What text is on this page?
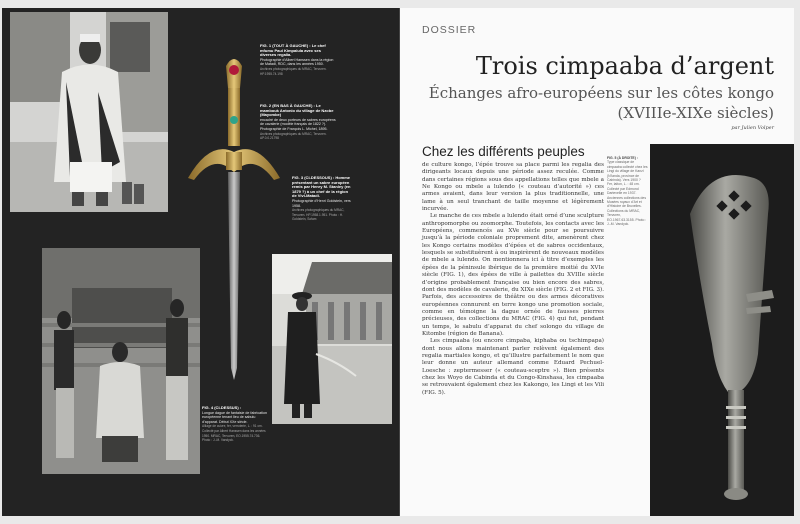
FIG. 1 (TOUT À GAUCHE) : Le chef mfumu Paul Kimpalula avec ses diverses regalia.
Photographie d’Albert Hanssen dans la région de Matadi, RDC, dans les années 1950.
Archives photographiques du MRAC, Tervuren. HP.1955.74.198
FIG. 2 (EN BAS À GAUCHE) : Le mambouk Antonio du village de Nzobe (Mayombe)
encadré de deux porteurs de sabres européens de cavalerie (modèle français de 1822 ?). Photographie de François L. Michel, 1895.
Archives photographiques du MRAC, Tervuren. AP.0.0.21798
FIG. 3 (CI-DESSOUS) : Homme présentant un sabre européen remis par Henry M. Stanley (en 1879 ?) à un chef de la région de Vivi-Matadi.
Photographie d’Henri Goldstein, vers 1958.
Archives photographiques du MRAC, Tervuren. HP.1958.1.951. Photo : H. Goldstein, Sofam
FIG. 4 (CI-DESSUS) :
Longue dague de fantaisie de fabrication européenne tenant lieu de sabulu d’apparat. Début XXe siècle.
Alliage de cuivre, fer, verroterie, L. : 91 cm. Collecté par Albert Hanssen dans les années 1950. MRAC, Tervuren, EO.1955.74.736. Photo : J.-M. Vandyck.
DOSSIER
Trois cimpaaba d’argent
Échanges afro-européens sur les côtes kongo
(XVIIIe-XIXe siècles)
par Julien Volper
Chez les différents peuples

de culture kongo, l’épée trouve sa place parmi les regalia des dirigeants locaux depuis une période assez reculée. Comme dans certaines régions sous des appellations telles que mbele a Ne Kongo ou mbele a lulendo (« couteau d’autorité ») ces armes avaient, dans leur version la plus traditionnelle, une lame à un seul tranchant de taille moyenne et légèrement incurvée.

Le manche de ces mbele a lulendo était orné d’une sculpture anthropomorphe ou zoomorphe. Toutefois, les contacts avec les Européens, commencés au XVe siècle pour se poursuivre jusqu’à la période coloniale proprement dite, amenèrent chez les Kongo certains modèles d’épées et de sabres occidentaux, lesquels se substituèrent à ou inspirèrent de nouveaux modèles de mbele a lulendo. On mentionnera ici à titre d’exemples les épées de la péninsule ibérique de la première moitié du XVIe siècle (FIG. 1), des épées de ville à pailettes du XVIIIe siècle d’origine probablement française ou bien encore des sabres, dont des modèles de cavalerie, du XIXe siècle (FIG. 2 et FIG. 3). Parfois, des accessoires de théâtre ou des armes décoratives européennes connurent en terre kongo une promotion sociale, comme en témoigne la dague ornée de fausses pierres précieuses, des collections du MRAC (FIG. 4) qui fut, pendant un temps, le sabulu d’apparat du chef solongo du village de Kitombe (région de Banana).

Les cimpaaba (ou encore cimpaba, kiphaba ou tschimpapa) dont nous allons maintenant parler relèvent également des regalia martiales kongo, et qu’illustre parfaitement le nom que leur donne un auteur allemand comme Eduard Pechuel-Loesche : zeptermesser (« couteau-sceptre »). Bien présents chez les Woyo de Cabinda et du Congo-Kinshasa, les cimpaaba se retrouvaient également chez les Kakongo, les Lingi et les Vili (FIG. 5).

FIG. 5 (À DROITE) :
Type classique de cimpaaba collecté chez les Lingi du village de Kanzi (N’landa, province de Cabinda). Vers 1900 ?
Fer, laiton, L. : 48 cm. Collecté par Edmond Dartevelle en 1937. Anciennes collections des Musées royaux d’Art et d’Histoire de Bruxelles. Collections du MRAC, Tervuren, EO.1967.63.3155. Photo : J.-M. Vandyck.
